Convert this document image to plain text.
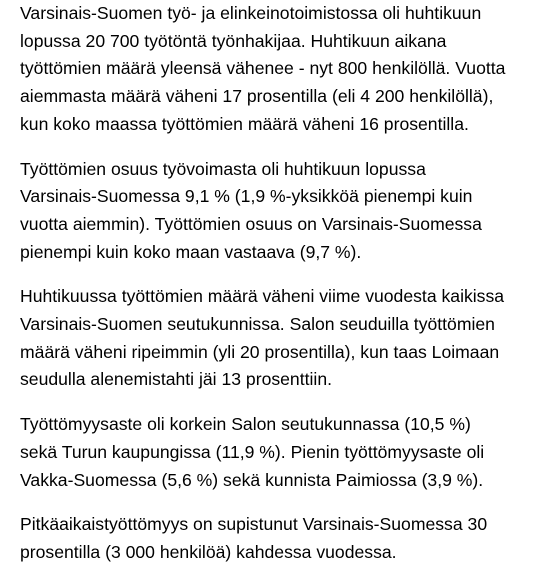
Varsinais-Suomen työ- ja elinkeinotoimistossa oli huhtikuun
lopussa 20 700 työtöntä työnhakijaa. Huhtikuun aikana
työttömien määrä yleensä vähenee - nyt 800 henkilöllä. Vuotta
aiemmasta määrä väheni 17 prosentilla (eli 4 200 henkilöllä),
kun koko maassa työttömien määrä väheni 16 prosentilla.

Työttömien osuus työvoimasta oli huhtikuun lopussa
Varsinais-Suomessa 9,1 % (1,9 %-yksikköä pienempi kuin
vuotta aiemmin). Työttömien osuus on Varsinais-Suomessa
pienempi kuin koko maan vastaava (9,7 %).

Huhtikuussa työttömien määrä väheni viime vuodesta kaikissa
Varsinais-Suomen seutukunnissa. Salon seuduilla työttömien
määrä väheni ripeimmin (yli 20 prosentilla), kun taas Loimaan
seudulla alenemistahti jäi 13 prosenttiin.

Työttömyysaste oli korkein Salon seutukunnassa (10,5 %)
sekä Turun kaupungissa (11,9 %). Pienin työttömyysaste oli
Vakka-Suomessa (5,6 %) sekä kunnista Paimiossa (3,9 %).

Pitkäaikaistyöttömyys on supistunut Varsinais-Suomessa 30
prosentilla (3 000 henkilöä) kahdessa vuodessa.
